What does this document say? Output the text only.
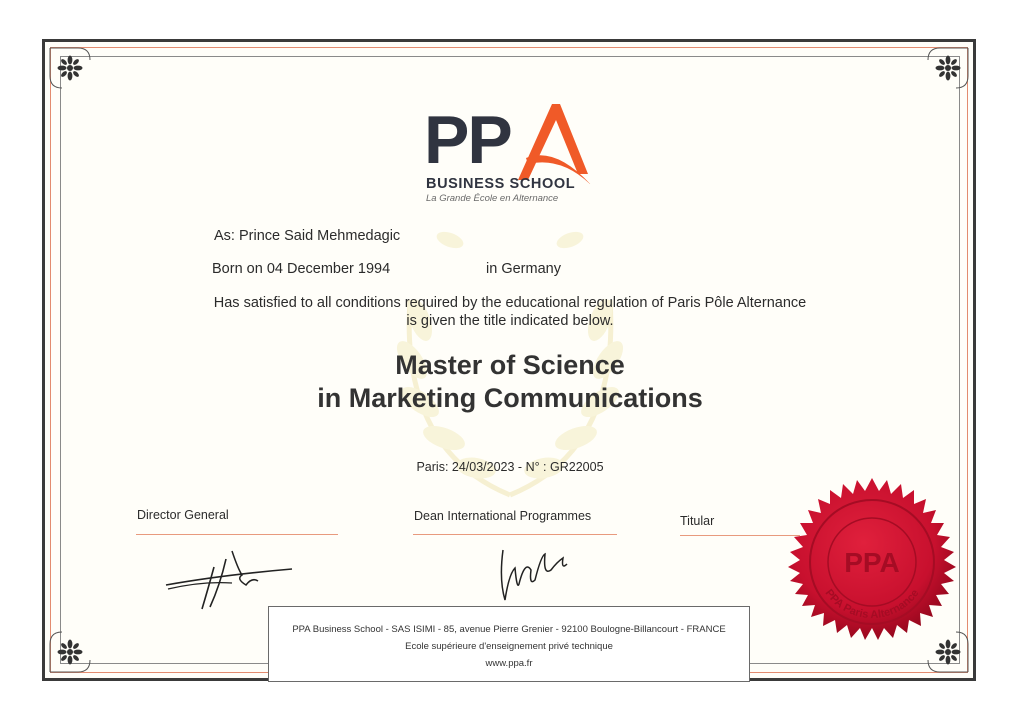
PP
BUSINESS SCHOOL
La Grande École en Alternance
As: Prince Said Mehmedagic
Born on 04 December 1994	in Germany
Has satisfied to all conditions required by the educational regulation of Paris Pôle Alternance
is given the title indicated below.
Master of Science
in Marketing Communications
Paris: 24/03/2023 - N° : GR22005
Director General	Dean International Programmes	Titular
PPA
PPA Paris Alternance
PPA Business School - SAS ISIMI - 85, avenue Pierre Grenier - 92100 Boulogne-Billancourt - FRANCE
Ecole supérieure d'enseignement privé technique
www.ppa.fr
